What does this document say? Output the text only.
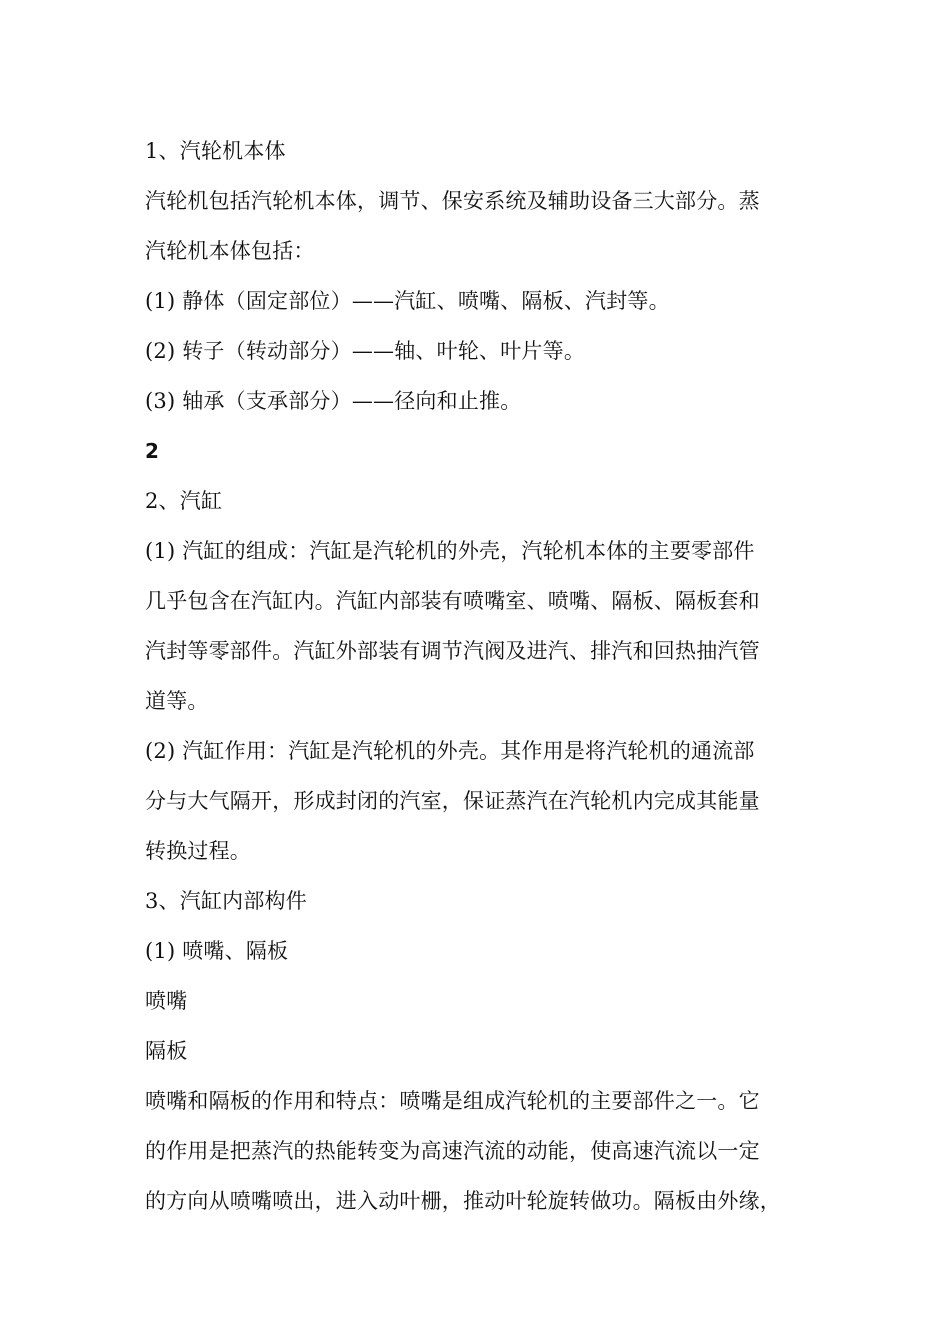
1、汽轮机本体
汽轮机包括汽轮机本体，调节、保安系统及辅助设备三大部分。蒸
汽轮机本体包括：
(1) 静体（固定部位）——汽缸、喷嘴、隔板、汽封等。
(2) 转子（转动部分）——轴、叶轮、叶片等。
(3) 轴承（支承部分）——径向和止推。
2
2、汽缸
(1) 汽缸的组成：汽缸是汽轮机的外壳，汽轮机本体的主要零部件
几乎包含在汽缸内。汽缸内部装有喷嘴室、喷嘴、隔板、隔板套和
汽封等零部件。汽缸外部装有调节汽阀及进汽、排汽和回热抽汽管
道等。
(2) 汽缸作用：汽缸是汽轮机的外壳。其作用是将汽轮机的通流部
分与大气隔开，形成封闭的汽室，保证蒸汽在汽轮机内完成其能量
转换过程。
3、汽缸内部构件
(1) 喷嘴、隔板
喷嘴
隔板
喷嘴和隔板的作用和特点：喷嘴是组成汽轮机的主要部件之一。它
的作用是把蒸汽的热能转变为高速汽流的动能，使高速汽流以一定
的方向从喷嘴喷出，进入动叶栅，推动叶轮旋转做功。隔板由外缘，
